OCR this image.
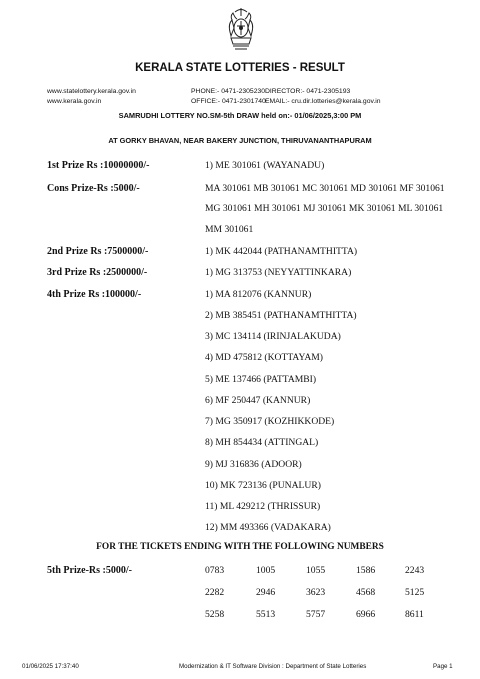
KERALA STATE LOTTERIES - RESULT
www.statelottery.kerala.gov.in	PHONE:- 0471-2305230 DIRECTOR:- 0471-2305193
www.kerala.gov.in	OFFICE:- 0471-2301740 EMAIL:- cru.dir.lotteries@kerala.gov.in
SAMRUDHI LOTTERY NO.SM-5th DRAW held on:- 01/06/2025,3:00 PM
AT GORKY BHAVAN, NEAR BAKERY JUNCTION, THIRUVANANTHAPURAM
1st Prize Rs :10000000/-	1) ME 301061 (WAYANADU)
Cons Prize-Rs :5000/-	MA 301061 MB 301061 MC 301061 MD 301061 MF 301061
MG 301061 MH 301061 MJ 301061 MK 301061 ML 301061
MM 301061
2nd Prize Rs :7500000/-	1) MK 442044 (PATHANAMTHITTA)
3rd Prize Rs :2500000/-	1) MG 313753 (NEYYATTINKARA)
4th Prize Rs :100000/-	1) MA 812076 (KANNUR)
2) MB 385451 (PATHANAMTHITTA)
3) MC 134114 (IRINJALAKUDA)
4) MD 475812 (KOTTAYAM)
5) ME 137466 (PATTAMBI)
6) MF 250447 (KANNUR)
7) MG 350917 (KOZHIKKODE)
8) MH 854434 (ATTINGAL)
9) MJ 316836 (ADOOR)
10) MK 723136 (PUNALUR)
11) ML 429212 (THRISSUR)
12) MM 493366 (VADAKARA)
FOR THE TICKETS ENDING WITH THE FOLLOWING NUMBERS
5th Prize-Rs :5000/-	0783	1005	1055	1586	2243
2282	2946	3623	4568	5125
5258	5513	5757	6966	8611
01/06/2025 17:37:40	Modernization & IT Software Division : Department of State Lotteries	Page 1
